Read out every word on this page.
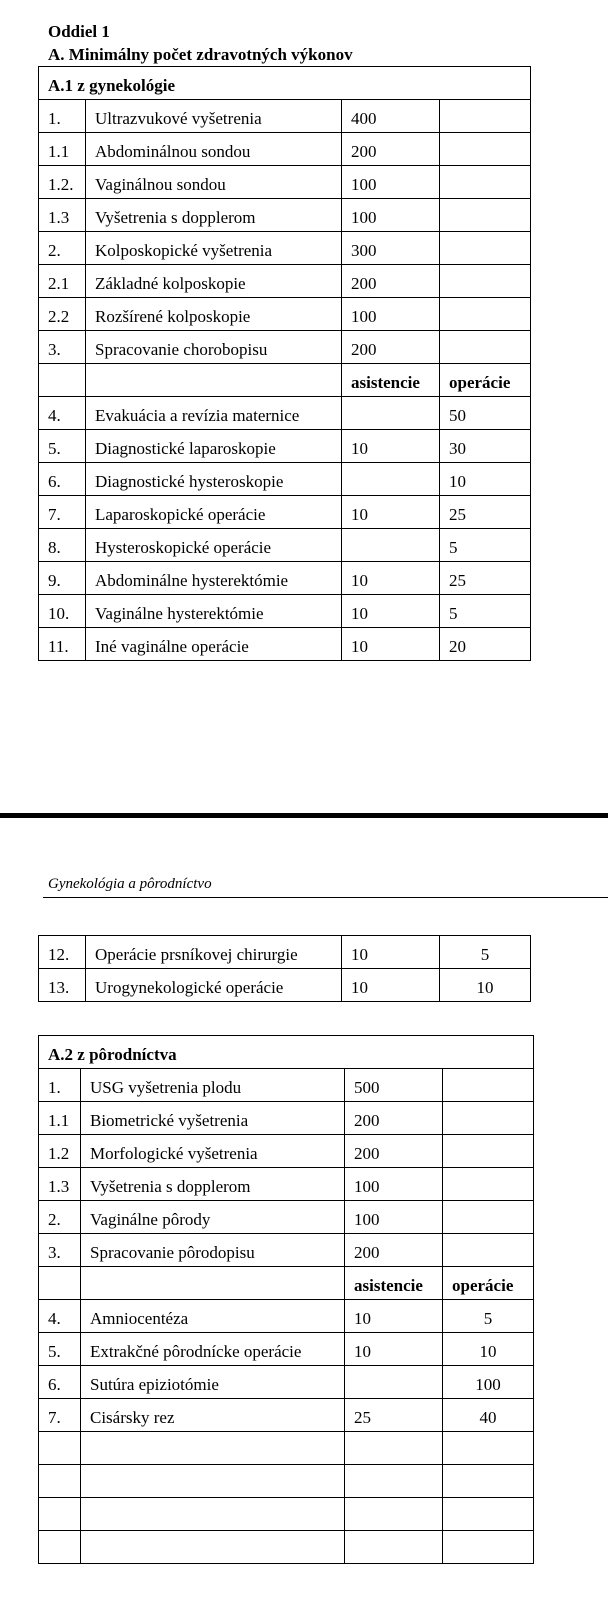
Oddiel 1
A. Minimálny počet zdravotných výkonov
A.1 z gynekológie			
1.	Ultrazvukové vyšetrenia	400	
1.1	Abdominálnou sondou	200	
1.2.	Vaginálnou sondou	100	
1.3	Vyšetrenia s dopplerom	100	
2.	Kolposkopické vyšetrenia	300	
2.1	Základné kolposkopie	200	
2.2	Rozšírené kolposkopie	100	
3.	Spracovanie chorobopisu	200	
		asistencie	operácie
4.	Evakuácia a revízia maternice		50
5.	Diagnostické laparoskopie	10	30
6.	Diagnostické hysteroskopie		10
7.	Laparoskopické operácie	10	25
8.	Hysteroskopické operácie		5
9.	Abdominálne hysterektómie	10	25
10.	Vaginálne hysterektómie	10	5
11.	Iné vaginálne operácie	10	20
Gynekológia a pôrodníctvo
12.	Operácie prsníkovej chirurgie	10	5
13.	Urogynekologické operácie	10	10
A.2 z pôrodníctva			
1.	USG vyšetrenia plodu	500	
1.1	Biometrické vyšetrenia	200	
1.2	Morfologické vyšetrenia	200	
1.3	Vyšetrenia s dopplerom	100	
2.	Vaginálne pôrody	100	
3.	Spracovanie pôrodopisu	200	
		asistencie	operácie
4.	Amniocentéza	10	5
5.	Extrakčné pôrodnícke operácie	10	10
6.	Sutúra epiziotómie		100
7.	Cisársky rez	25	40
